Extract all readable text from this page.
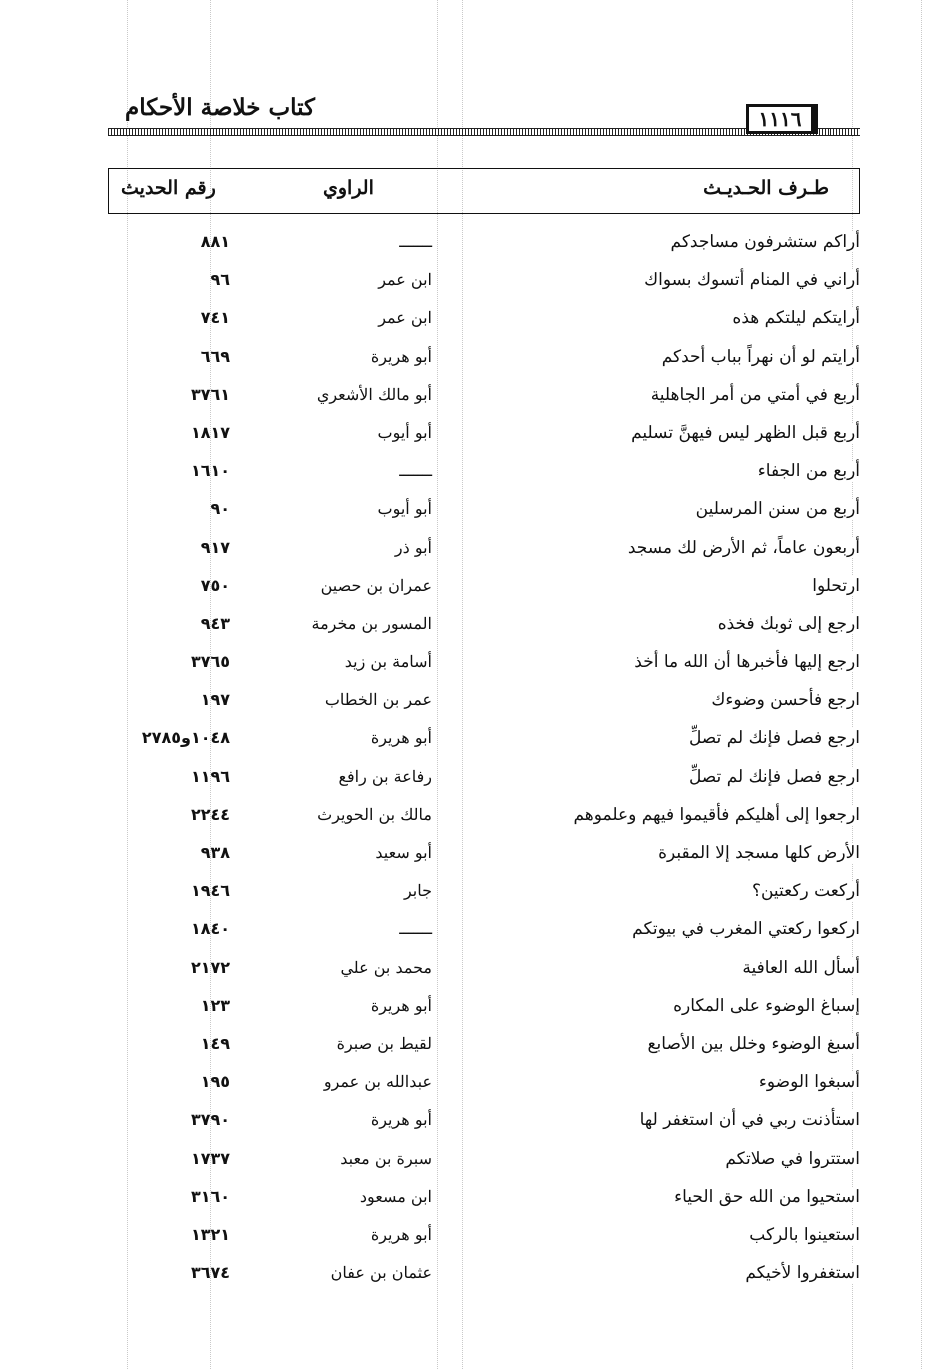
كتاب خلاصة الأحكام	١١١٦
طـرف الحـديـث
الراوي
رقم الحديث
أراكم ستشرفون مساجدكم
ـــــــ
٨٨١
أراني في المنام أتسوك بسواك
ابن عمر
٩٦
أرايتكم ليلتكم هذه
ابن عمر
٧٤١
أرايتم لو أن نهراً بباب أحدكم
أبو هريرة
٦٦٩
أربع في أمتي من أمر الجاهلية
أبو مالك الأشعري
٣٧٦١
أربع قبل الظهر ليس فيهنَّ تسليم
أبو أيوب
١٨١٧
أربع من الجفاء
ـــــــ
١٦١٠
أربع من سنن المرسلين
أبو أيوب
٩٠
أربعون عاماً، ثم الأرض لك مسجد
أبو ذر
٩١٧
ارتحلوا
عمران بن حصين
٧٥٠
ارجع إلى ثوبك فخذه
المسور بن مخرمة
٩٤٣
ارجع إليها فأخبرها أن الله ما أخذ
أسامة بن زيد
٣٧٦٥
ارجع فأحسن وضوءك
عمر بن الخطاب
١٩٧
ارجع فصل فإنك لم تصلِّ
أبو هريرة
١٠٤٨و٢٧٨٥
ارجع فصل فإنك لم تصلِّ
رفاعة بن رافع
١١٩٦
ارجعوا إلى أهليكم فأقيموا فيهم وعلموهم
مالك بن الحويرث
٢٢٤٤
الأرض كلها مسجد إلا المقبرة
أبو سعيد
٩٣٨
أركعت ركعتين؟
جابر
١٩٤٦
اركعوا ركعتي المغرب في بيوتكم
ـــــــ
١٨٤٠
أسأل الله العافية
محمد بن علي
٢١٧٢
إسباغ الوضوء على المكاره
أبو هريرة
١٢٣
أسبغ الوضوء وخلل بين الأصابع
لقيط بن صبرة
١٤٩
أسبغوا الوضوء
عبدالله بن عمرو
١٩٥
استأذنت ربي في أن استغفر لها
أبو هريرة
٣٧٩٠
استتروا في صلاتكم
سبرة بن معبد
١٧٣٧
استحيوا من الله حق الحياء
ابن مسعود
٣١٦٠
استعينوا بالركب
أبو هريرة
١٣٢١
استغفروا لأخيكم
عثمان بن عفان
٣٦٧٤
